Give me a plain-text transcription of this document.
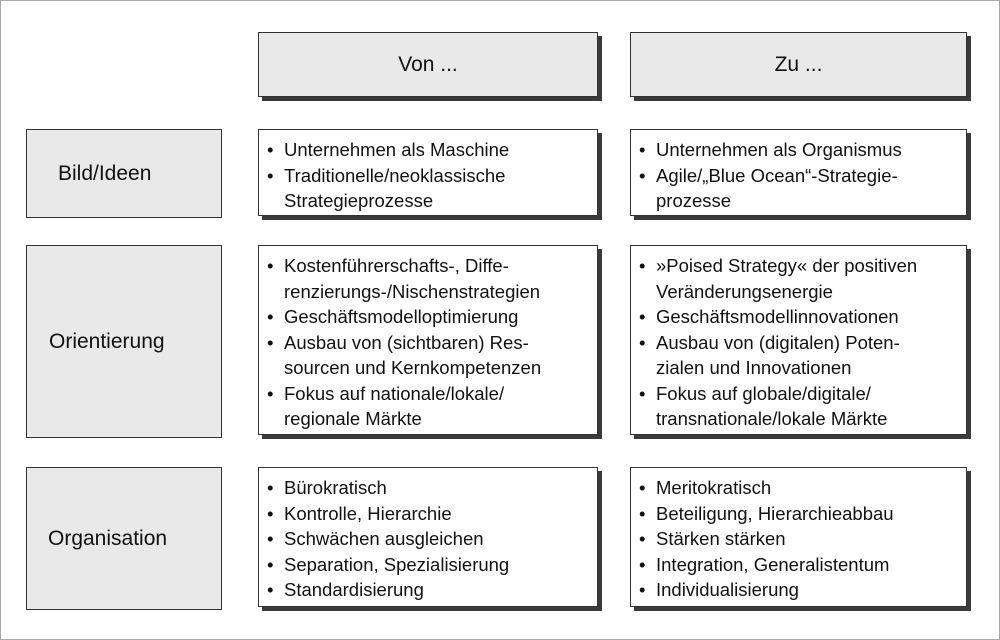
Von ...	Zu ...
Bild/Ideen
• Unternehmen als Maschine
• Traditionelle/neoklassische
Strategieprozesse
• Unternehmen als Organismus
• Agile/„Blue Ocean“-Strategie-
prozesse
Orientierung
• Kostenführerschafts-, Diffe-
renzierungs-/Nischenstrategien
• Geschäftsmodelloptimierung
• Ausbau von (sichtbaren) Res-
sourcen und Kernkompetenzen
• Fokus auf nationale/lokale/
regionale Märkte
• »Poised Strategy« der positiven
Veränderungsenergie
• Geschäftsmodellinnovationen
• Ausbau von (digitalen) Poten-
zialen und Innovationen
• Fokus auf globale/digitale/
transnationale/lokale Märkte
Organisation
• Bürokratisch
• Kontrolle, Hierarchie
• Schwächen ausgleichen
• Separation, Spezialisierung
• Standardisierung
• Meritokratisch
• Beteiligung, Hierarchieabbau
• Stärken stärken
• Integration, Generalistentum
• Individualisierung
